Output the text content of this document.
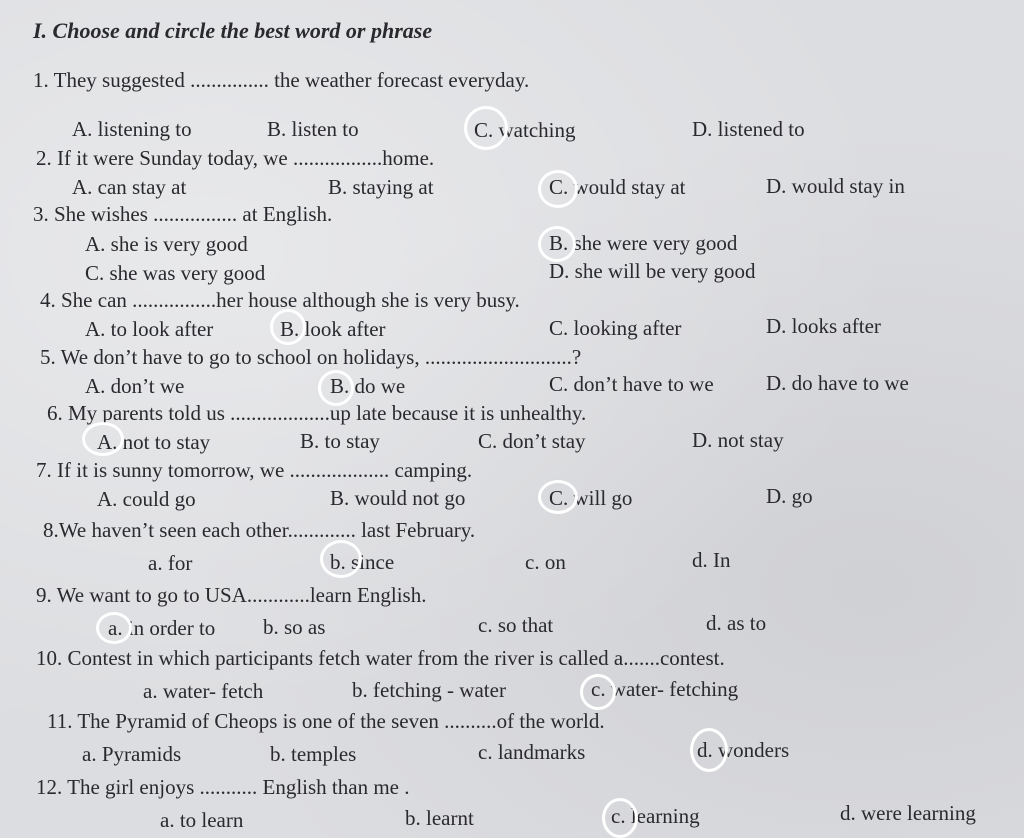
I. Choose and circle the best word or phrase
1. They suggested ............... the weather forecast everyday.
A. listening to	B. listen to	C. watching	D. listened to
2. If it were Sunday today, we .................home.
A. can stay at	B. staying at	C. would stay at	D. would stay in
3. She wishes ................ at English.
A. she is very good	B. she were very good
C. she was very good	D. she will be very good
4. She can ................her house although she is very busy.
A. to look after	B. look after	C. looking after	D. looks after
5. We don’t have to go to school on holidays, ............................?
A. don’t we	B. do we	C. don’t have to we D. do have to we
6. My parents told us ...................up late because it is unhealthy.
A. not to stay	B. to stay	C. don’t stay	D. not stay
7. If it is sunny tomorrow, we ................... camping.
A. could go	B. would not go	C. will go	D. go
8.We haven’t seen each other............. last February.
a. for	b. since	c. on	d. In
9. We want to go to USA............learn English.
a. in order to b. so as	c. so that	d. as to
10. Contest in which participants fetch water from the river is called a.......contest.
a. water- fetch	b. fetching - water	c. water- fetching
11. The Pyramid of Cheops is one of the seven ..........of the world.
a. Pyramids	b. temples	c. landmarks	d. wonders
12. The girl enjoys ........... English than me .
a. to learn	b. learnt	c. learning	d. were learning
